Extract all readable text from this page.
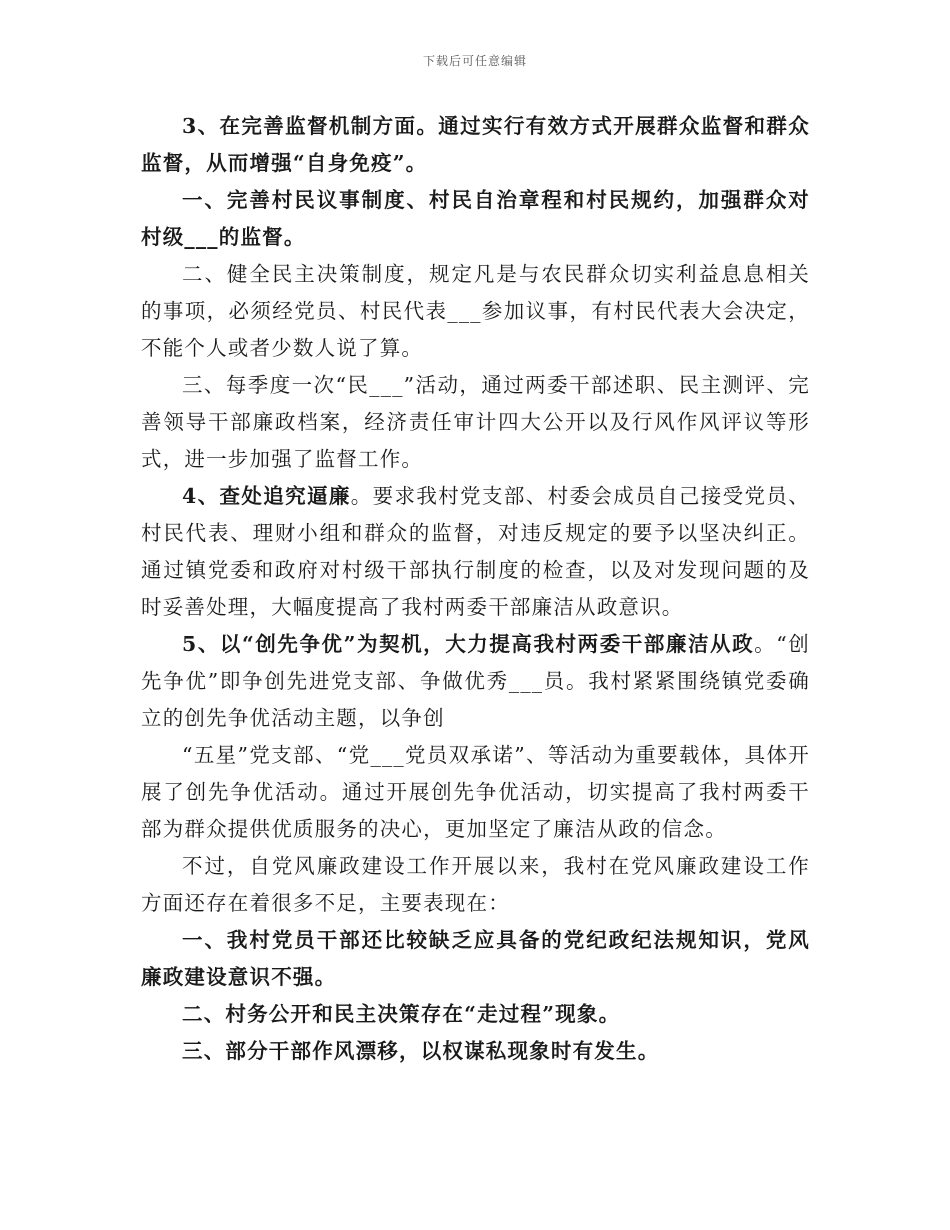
下载后可任意编辑

3、在完善监督机制方面。通过实行有效方式开展群众监督和群众监督，从而增强“自身免疫”。

一、完善村民议事制度、村民自治章程和村民规约，加强群众对村级___的监督。

二、健全民主决策制度，规定凡是与农民群众切实利益息息相关的事项，必须经党员、村民代表___参加议事，有村民代表大会决定，不能个人或者少数人说了算。

三、每季度一次“民___”活动，通过两委干部述职、民主测评、完善领导干部廉政档案，经济责任审计四大公开以及行风作风评议等形式，进一步加强了监督工作。

4、查处追究逼廉。要求我村党支部、村委会成员自己接受党员、村民代表、理财小组和群众的监督，对违反规定的要予以坚决纠正。通过镇党委和政府对村级干部执行制度的检查，以及对发现问题的及时妥善处理，大幅度提高了我村两委干部廉洁从政意识。

5、以“创先争优”为契机，大力提高我村两委干部廉洁从政。“创先争优”即争创先进党支部、争做优秀___员。我村紧紧围绕镇党委确立的创先争优活动主题，以争创

“五星”党支部、“党___党员双承诺”、等活动为重要载体，具体开展了创先争优活动。通过开展创先争优活动，切实提高了我村两委干部为群众提供优质服务的决心，更加坚定了廉洁从政的信念。

不过，自党风廉政建设工作开展以来，我村在党风廉政建设工作方面还存在着很多不足，主要表现在：

一、我村党员干部还比较缺乏应具备的党纪政纪法规知识，党风廉政建设意识不强。

二、村务公开和民主决策存在“走过程”现象。

三、部分干部作风漂移，以权谋私现象时有发生。
